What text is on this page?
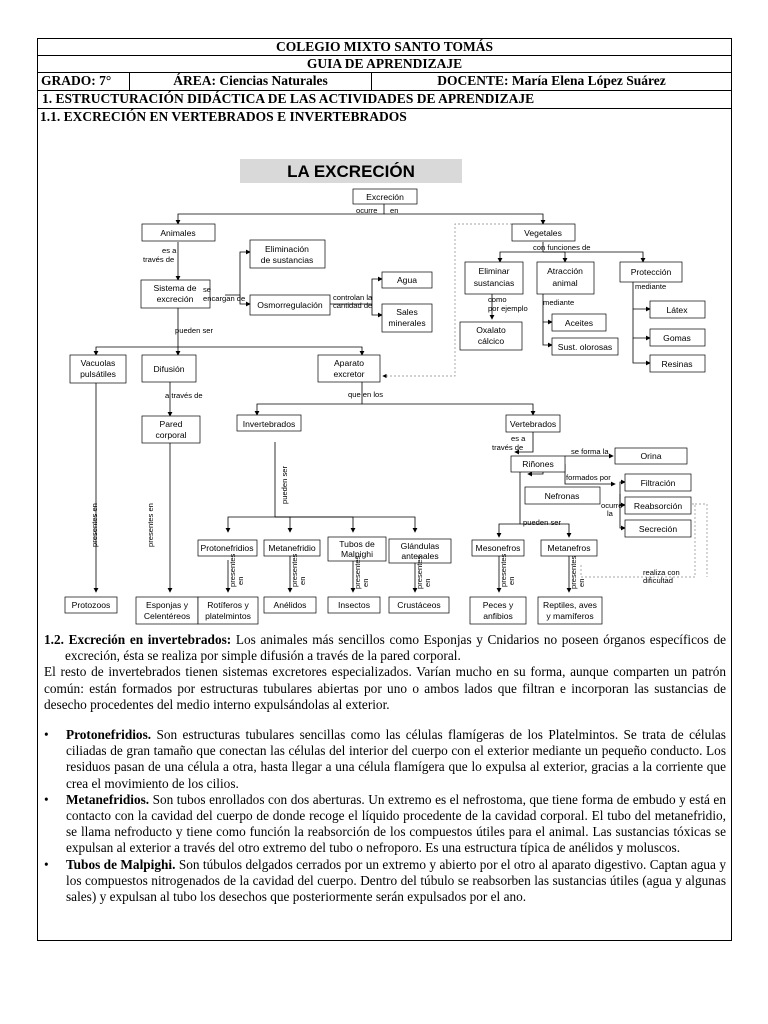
COLEGIO MIXTO SANTO TOMÁS
GUIA DE APRENDIZAJE
GRADO: 7°	ÁREA: Ciencias Naturales	DOCENTE: María Elena López Suárez
1. ESTRUCTURACIÓN DIDÁCTICA DE LAS ACTIVIDADES DE APRENDIZAJE
1.1. EXCRECIÓN EN VERTEBRADOS E INVERTEBRADOS
LA EXCRECIÓN
Excreción
Animales	Vegetales
Sistema de
excreción
Eliminación
de sustancias
Osmorregulación
Agua
Sales
minerales
Eliminar
sustancias
Atracción
animal
Protección
Oxalato
cálcico
Aceites
Sust. olorosas
Látex
Gomas
Resinas
Vacuolas
pulsátiles	Difusión
Aparato
excretor
Pared
corporal
Invertebrados	Vertebrados
Riñones
Orina
Nefronas
Filtración
Reabsorción
Secreción
Protonefridios Metanefridio	Tubos de
Malpighi
Glándulas
antenales
Mesonefros	Metanefros
Protozoos	Esponjas y
Celentéreos
Rotíferos y
platelmintos
Anélidos	Insectos	Crustáceos	Peces y
anfibios
Reptiles, aves
y mamíferos
ocurre en
es a
través de
se
encargan de	controlan la
cantidad de
con funciones de
como
por ejemplo
mediante
mediante
pueden ser
a través de	que en los
es a
través de	se forma la
formados por
ocurre
la
pueden ser
realiza con
dificultad
pueden ser
presentes en	presentes en
presentes en	presentes en	presentes en	presentes en	presentes en	presentes en

1.2. Excreción en invertebrados: Los animales más sencillos como Esponjas y Cnidarios no poseen órganos específicos de excreción, ésta se realiza por simple difusión a través de la pared corporal.

El resto de invertebrados tienen sistemas excretores especializados. Varían mucho en su forma, aunque comparten un patrón común: están formados por estructuras tubulares abiertas por uno o ambos lados que filtran e incorporan las sustancias de desecho procedentes del medio interno expulsándolas al exterior.

• Protonefridios. Son estructuras tubulares sencillas como las células flamígeras de los Platelmintos. Se trata de células ciliadas de gran tamaño que conectan las células del interior del cuerpo con el exterior mediante un pequeño conducto. Los residuos pasan de una célula a otra, hasta llegar a una célula flamígera que lo expulsa al exterior, gracias a la corriente que crea el movimiento de los cilios.
• Metanefridios. Son tubos enrollados con dos aberturas. Un extremo es el nefrostoma, que tiene forma de embudo y está en contacto con la cavidad del cuerpo de donde recoge el líquido procedente de la cavidad corporal. El tubo del metanefridio, se llama nefroducto y tiene como función la reabsorción de los compuestos útiles para el animal. Las sustancias tóxicas se expulsan al exterior a través del otro extremo del tubo o nefroporo. Es una estructura típica de anélidos y moluscos.
• Tubos de Malpighi. Son túbulos delgados cerrados por un extremo y abierto por el otro al aparato digestivo. Captan agua y los compuestos nitrogenados de la cavidad del cuerpo. Dentro del túbulo se reabsorben las sustancias útiles (agua y algunas sales) y expulsan al tubo los desechos que posteriormente serán expulsados por el ano.
